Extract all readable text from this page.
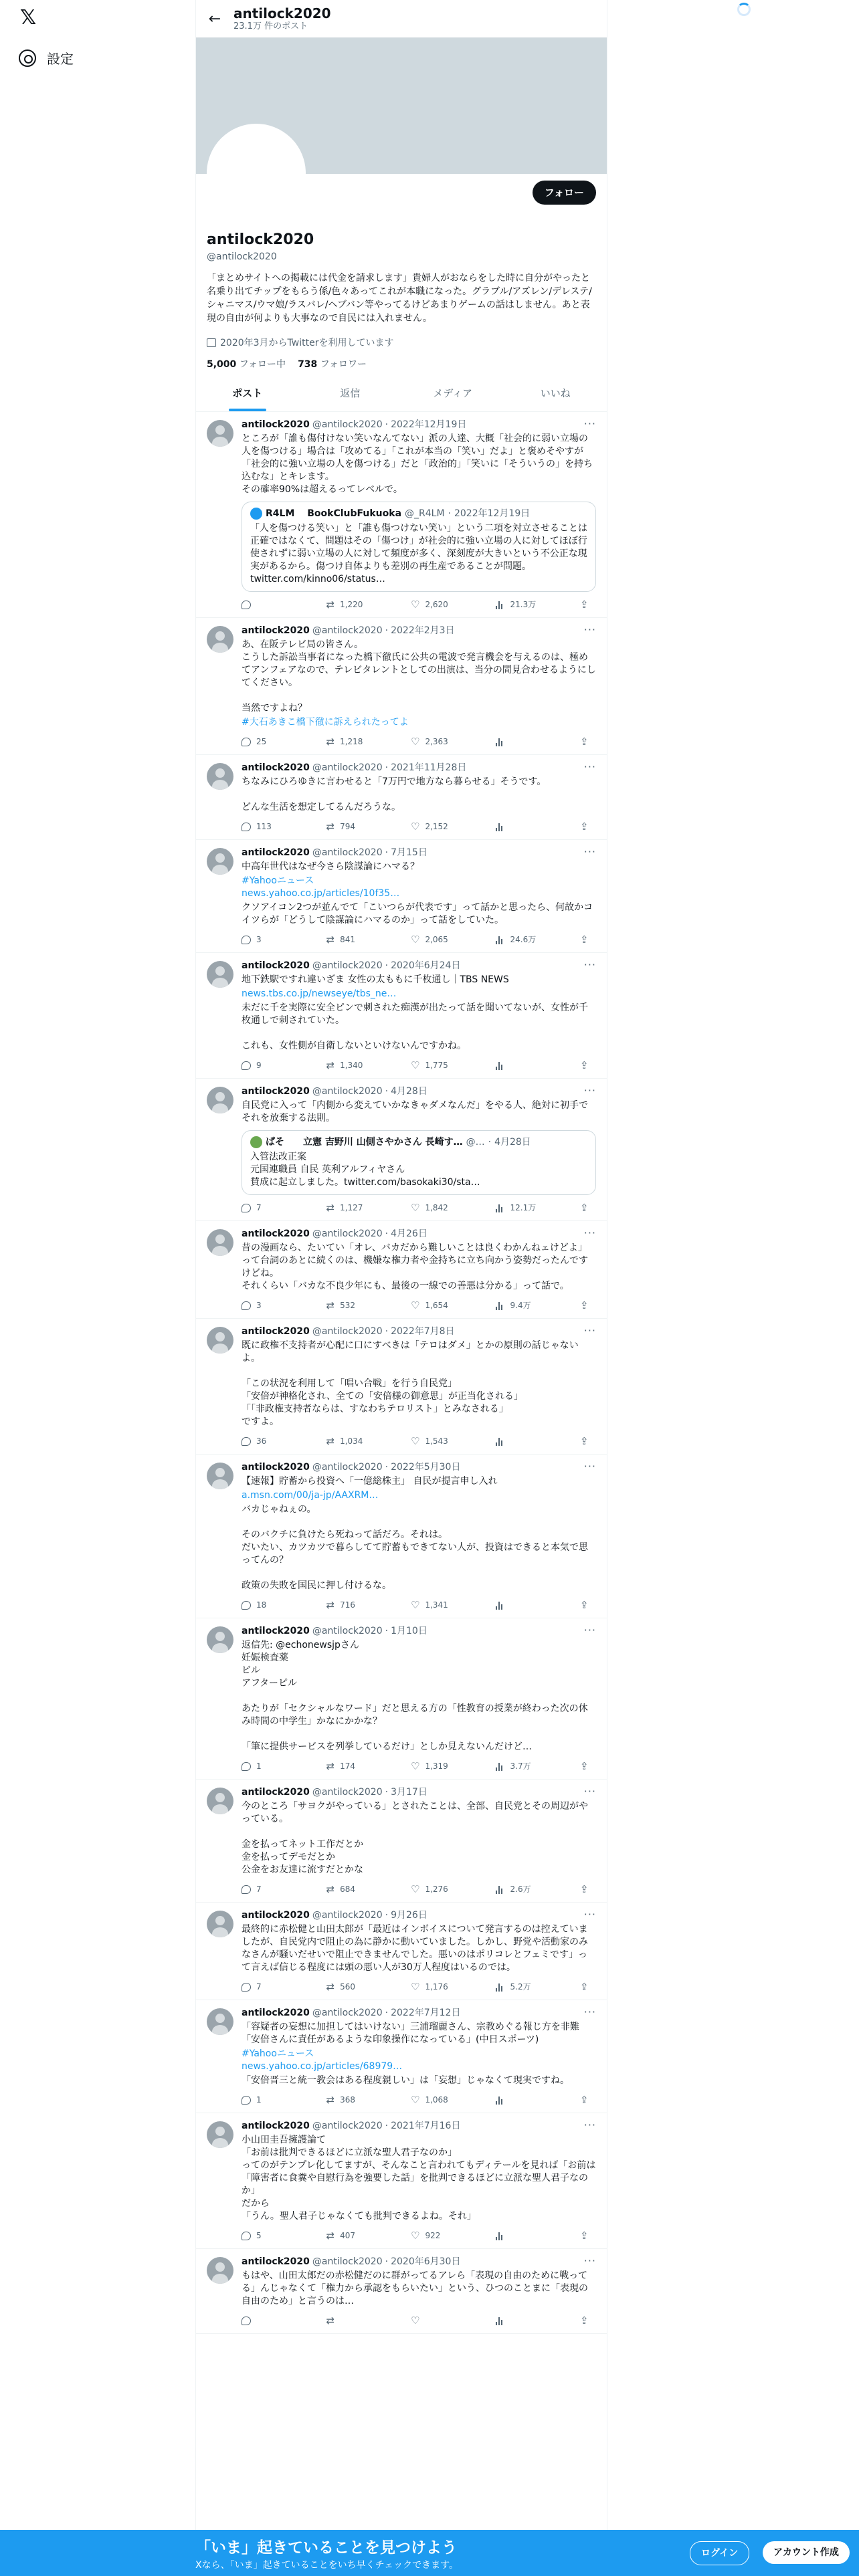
𝕏
設定
← antilock2020
23.1万 件のポスト
フォロー
antilock2020
@antilock2020
「まとめサイトへの掲載には代金を請求します」貴婦人がおならをした時に自分がやったと名乗り出てチップをもらう係/色々あってこれが本職になった。グラブル/アズレン/デレステ/シャニマス/ウマ娘/ラスバレ/ヘブバン等やってるけどあまりゲームの話はしません。あと表現の自由が何よりも大事なので自民には入れません。
2020年3月からTwitterを利用しています
5,000 フォロー中 738 フォロワー
ポスト	返信	メディア	いいね
···
antilock2020 @antilock2020 · 2022年12月19日
ところが「誰も傷付けない笑いなんてない」派の人達、大概「社会的に弱い立場の人を傷つける」場合は「攻めてる」「これが本当の「笑い」だよ」と褒めそやすが「社会的に強い立場の人を傷つける」だと「政治的」「笑いに「そういうの」を持ち込むな」とキレます。
その確率90%は超えるってレベルで。
R4LM　 BookClubFukuoka @_R4LM · 2022年12月19日
「人を傷つける笑い」と「誰も傷つけない笑い」という二項を対立させることは正確ではなくて、問題はその「傷つけ」が社会的に強い立場の人に対してほぼ行使されずに弱い立場の人に対して頻度が多く、深刻度が大きいという不公正な現実があるから。傷つけ自体よりも差別の再生産であることが問題。
twitter.com/kinno06/status…
⇄ 1,220	♡ 2,620	21.3万	⇪
···
antilock2020 @antilock2020 · 2022年2月3日
あ、在阪テレビ局の皆さん。
こうした訴訟当事者になった橋下徹氏に公共の電波で発言機会を与えるのは、極めてアンフェアなので、テレビタレントとしての出演は、当分の間見合わせるようにしてください。

当然ですよね？
#大石あきこ橋下徹に訴えられたってよ
25	⇄ 1,218	♡ 2,363	⇪
···
antilock2020 @antilock2020 · 2021年11月28日
ちなみにひろゆきに言わせると「7万円で地方なら暮らせる」そうです。

どんな生活を想定してるんだろうな。
113	⇄ 794	♡ 2,152	⇪
···
antilock2020 @antilock2020 · 7月15日
中高年世代はなぜ今さら陰謀論にハマる？
#Yahooニュース
news.yahoo.co.jp/articles/10f35…
クソアイコン2つが並んでて「こいつらが代表です」って話かと思ったら、何故かコイツらが「どうして陰謀論にハマるのか」って話をしていた。
3	⇄ 841	♡ 2,065	24.6万	⇪
···
antilock2020 @antilock2020 · 2020年6月24日
地下鉄駅ですれ違いざま 女性の太ももに千枚通し｜TBS NEWS
news.tbs.co.jp/newseye/tbs_ne…
未だに千を実際に安全ピンで刺された痴漢が出たって話を聞いてないが、女性が千枚通しで刺されていた。

これも、女性側が自衛しないといけないんですかね。
9	⇄ 1,340	♡ 1,775	⇪
···
antilock2020 @antilock2020 · 4月28日
自民党に入って「内側から変えていかなきゃダメなんだ」をやる人、絶対に初手でそれを放棄する法則。
ぱそ　　立憲 吉野川 山側さやかさん 長崎す… @… · 4月28日
入管法改正案
元国連職員 自民 英利アルフィヤさん
賛成に起立しました。twitter.com/basokaki30/sta…
7	⇄ 1,127	♡ 1,842	12.1万	⇪
···
antilock2020 @antilock2020 · 4月26日
昔の漫画なら、たいてい「オレ、バカだから難しいことは良くわかんねェけどよ」って台詞のあとに続くのは、機嫌な権力者や金持ちに立ち向かう姿勢だったんですけどね。
それくらい「バカな不良少年にも、最後の一線での善悪は分かる」って話で。
3	⇄ 532	♡ 1,654	9.4万	⇪
···
antilock2020 @antilock2020 · 2022年7月8日
既に政権不支持者が心配に口にすべきは「テロはダメ」とかの原則の話じゃないよ。

「この状況を利用して「唱い合戦」を行う自民党」
「安倍が神格化され、全ての「安倍様の御意思」が正当化される」
「「非政権支持者ならは、すなわちテロリスト」とみなされる」
ですよ。
36	⇄ 1,034	♡ 1,543	⇪
···
antilock2020 @antilock2020 · 2022年5月30日
【速報】貯蓄から投資へ「一億総株主」 自民が提言申し入れ
a.msn.com/00/ja-jp/AAXRM…
バカじゃねぇの。

そのバクチに負けたら死ねって話だろ。それは。
だいたい、カツカツで暮らしてて貯蓄もできてない人が、投資はできると本気で思ってんの？

政策の失敗を国民に押し付けるな。
18	⇄ 716	♡ 1,341	⇪
···
antilock2020 @antilock2020 · 1月10日
返信先: @echonewsjpさん
妊娠検査薬
ビル
アフターピル

あたりが「セクシャルなワード」だと思える方の「性教育の授業が終わった次の休み時間の中学生」かなにかかな？

「筆に提供サービスを列挙しているだけ」としか見えないんだけど…
1	⇄ 174	♡ 1,319	3.7万	⇪
···
antilock2020 @antilock2020 · 3月17日
今のところ「サヨクがやっている」とされたことは、全部、自民党とその周辺がやっている。

金を払ってネット工作だとか
金を払ってデモだとか
公金をお友達に流すだとかな
7	⇄ 684	♡ 1,276	2.6万	⇪
···
antilock2020 @antilock2020 · 9月26日
最終的に赤松健と山田太郎が「最近はインボイスについて発言するのは控えていましたが、自民党内で阻止の為に静かに動いていました。しかし、野党や活動家のみなさんが騒いだせいで阻止できませんでした。悪いのはポリコレとフェミです」って言えば信じる程度には頭の悪い人が30万人程度はいるのでは。
7	⇄ 560	♡ 1,176	5.2万	⇪
···
antilock2020 @antilock2020 · 2022年7月12日
「容疑者の妄想に加担してはいけない」三浦瑠麗さん、宗教めぐる報じ方を非難「安倍さんに責任があるような印象操作になっている」(中日スポーツ)
#Yahooニュース
news.yahoo.co.jp/articles/68979…
「安倍晋三と統一教会はある程度親しい」は「妄想」じゃなくて現実ですね。
1	⇄ 368	♡ 1,068	⇪
···
antilock2020 @antilock2020 · 2021年7月16日
小山田圭吾擁護論て
「お前は批判できるほどに立派な聖人君子なのか」
ってのがテンプレ化してますが、そんなこと言われてもディテールを見れば「お前は「障害者に食糞や自慰行為を強要した話」を批判できるほどに立派な聖人君子なのか」
だから
「うん。聖人君子じゃなくても批判できるよね。それ」
5	⇄ 407	♡ 922	⇪
···
antilock2020 @antilock2020 · 2020年6月30日
もはや、山田太郎だの赤松健だのに群がってるアレら「表現の自由のために戦ってる」んじゃなくて「権力から承認をもらいたい」という、ひつのことまに「表現の自由のため」と言うのは…
⇄	♡	⇪
「いま」起きていることを見つけよう
Xなら、「いま」起きていることをいち早くチェックできます。
ログイン	アカウント作成
